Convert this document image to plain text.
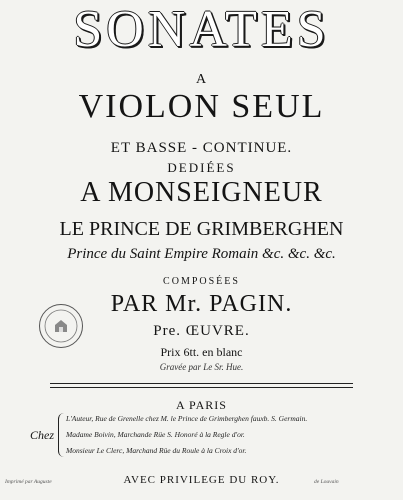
SONATES
A
VIOLON SEUL
ET BASSE - CONTINUE.
DEDIÉES
A MONSEIGNEUR
LE PRINCE DE GRIMBERGHEN
Prince du Saint Empire Romain &c. &c. &c.
COMPOSÉES
PAR Mr. PAGIN.
Pre. ŒUVRE.
Prix 6tt. en blanc
Gravée par Le Sr. Hue.
A PARIS
Chez
L'Auteur, Rue de Grenelle chez M. le Prince de Grimberghen fauxb. S. Germain.
Madame Boivin, Marchande Rüe S. Honoré à la Regle d'or.
Monsieur Le Clerc, Marchand Rüe du Roule à la Croix d'or.
Imprimé par Auguste	AVEC PRIVILEGE DU ROY.	de Louvain
